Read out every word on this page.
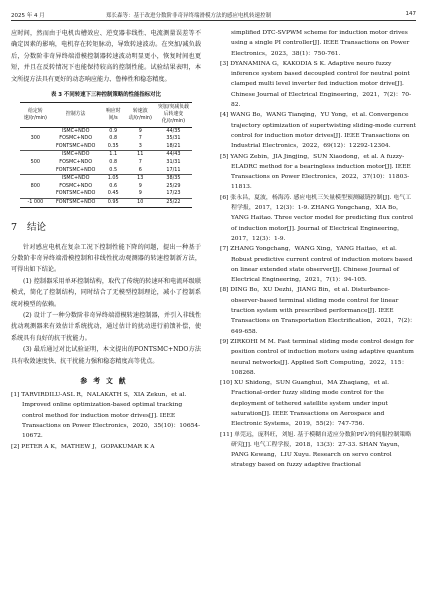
2025 年 4 月	郑长森等：基于改进分数阶非奇异终端滑模方法的感应电机转速控制	147

应时间，然而由于电机齿槽效应、逆变器非线性、电流测量误差等不确定因素的影响，电机存在转矩脉动，导致转速波动。在突加/减负载后，分数阶非奇异终端滑模控制器转速波动明显更小，恢复时间也更短，并且在反转情况下也能保持较高的控制性能。试验结果表明，本文所提方法具有更好的动态响应能力、鲁棒性和稳态精度。

表 3 不同转速下三种控制策略的性能指标对比
给定转速/(r/min)	控制方法	响应时间/s	转速波动/(r/min)	突加/突减负载后转速变化/(r/min)
300	ISMC+NDO	0.9	9	44/35
	FOSMC+NDO	0.8	7	35/31
	FONTSMC+NDO	0.35	3	18/21
500	ISMC+NDO	1.1	11	44/43
	FOSMC+NDO	0.8	7	31/31
	FONTSMC+NDO	0.5	6	17/11
800	ISMC+NDO	1.05	13	38/35
	FOSMC+NDO	0.6	9	25/29
	FONTSMC+NDO	0.45	9	17/23
-1 000	FONTSMC+NDO	0.95	10	25/22
7 结论

针对感应电机在复杂工况下控制性能下降的问题，提出一种基于分数阶非奇异终端滑模控制和非线性扰动观测器的转速控制新方法，可得出如下结论。

(1) 控制器采用单环控制结构，取代了传统的转速环和电流环级联模式，简化了控制结构，同时结合了无模型控制理论，减小了控制系统对模型的依赖。

(2) 设计了一种分数阶非奇异终端滑模转速控制器，并引入非线性扰动观测器来有效估计系统扰动，通过估计的扰动进行前馈补偿，使系统具有良好的抗干扰能力。

(3) 最后通过对比试验证明，本文提出的FONTSMC+NDO方法具有收敛速度快、抗干扰能力强和稳态精度高等优点。

参考文献

[1] TARVIRDILU-ASL R，NALAKATH S，XIA Zekun，et al. Improved online optimization-based optimal tracking control method for induction motor drives[J]. IEEE Transactions on Power Electronics，2020，35(10)：10654-10672.

[2] PETER A K，MATHEW J，GOPAKUMAR K A

simplified DTC-SVPWM scheme for induction motor drives using a single PI controller[J]. IEEE Transactions on Power Electronics，2023，38(1)：750-761.

[3] DYANAMINA G，KAKODIA S K. Adaptive neuro fuzzy inference system based decoupled control for neutral point clamped multi level inverter fed induction motor drive[J]. Chinese Journal of Electrical Engineering，2021，7(2)：70-82.

[4] WANG Bo，WANG Tianqing，YU Yong，et al. Convergence trajectory optimization of supertwisting sliding-mode current control for induction motor drives[J]. IEEE Transactions on Industrial Electronics，2022，69(12)：12292-12304.

[5] YANG Zebin，JIA Jingjing，SUN Xiaodong，et al. A fuzzy-ELADRC method for a bearingless induction motor[J]. IEEE Transactions on Power Electronics，2022，37(10)：11803-11813.

[6] 张永昌，夏波，杨海涛. 感应电机三矢量模型预测磁链控制[J]. 电气工程学报，2017，12(3)：1-9. ZHANG Yongchang，XIA Bo，YANG Haitao. Three vector model for predicting flux control of induction motor[J]. Journal of Electrical Engineering，2017，12(3)：1-9.

[7] ZHANG Yongchang，WANG Xing，YANG Haitao，et al. Robust predictive current control of induction motors based on linear extended state observer[J]. Chinese Journal of Electrical Engineering，2021，7(1)：94-105.

[8] DING Bo，XU Dezhi，JIANG Bin，et al. Disturbance-observer-based terminal sliding mode control for linear traction system with prescribed performance[J]. IEEE Transactions on Transportation Electrification，2021，7(2)：649-658.

[9] ZIRKOHI M M. Fast terminal sliding mode control design for position control of induction motors using adaptive quantum neural networks[J]. Applied Soft Computing，2022，115：108268.

[10] XU Shidong，SUN Guanghui，MA Zhaqiang，et al. Fractional-order fuzzy sliding mode control for the deployment of tethered satellite system under input saturation[J]. IEEE Transactions on Aerospace and Electronic Systems，2019，55(2)：747-756.

[11] 单莞远，庞科旺，刘旭. 基于模糊自适应分数阶PI⁽λ⁾的伺服控制策略研究[J]. 电气工程学报，2018，13(3)：27-33. SHAN Yayun，PANG Kewang，LIU Xuyu. Research on servo control strategy based on fuzzy adaptive fractional
